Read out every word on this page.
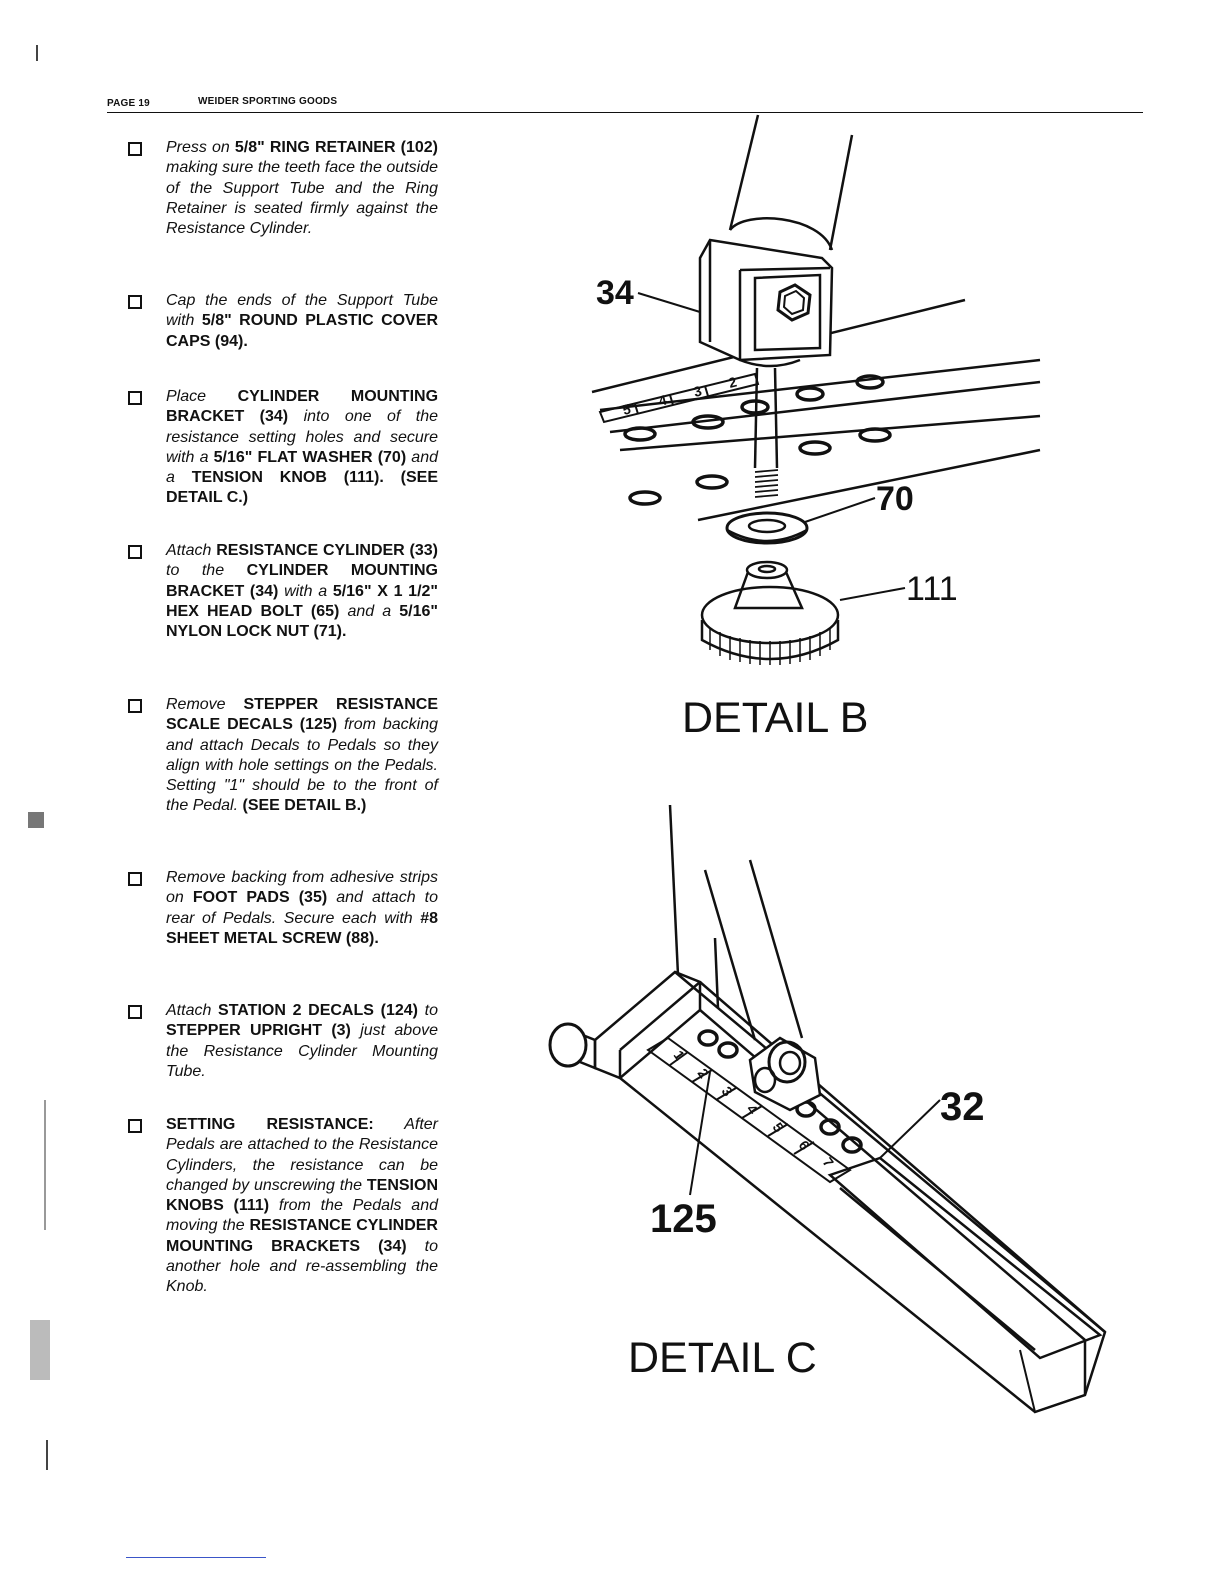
PAGE 19	WEIDER SPORTING GOODS
Press on 5/8" RING RETAINER (102) making sure the teeth face the outside of the Support Tube and the Ring Retainer is seated firmly against the Resistance Cylinder.
Cap the ends of the Support Tube with 5/8" ROUND PLASTIC COVER CAPS (94).
Place CYLINDER MOUNTING BRACKET (34) into one of the resistance setting holes and secure with a 5/16" FLAT WASHER (70) and a TENSION KNOB (111). (SEE DETAIL C.)
Attach RESISTANCE CYLINDER (33) to the CYLINDER MOUNTING BRACKET (34) with a 5/16" X 1 1/2" HEX HEAD BOLT (65) and a 5/16" NYLON LOCK NUT (71).
Remove STEPPER RESISTANCE SCALE DECALS (125) from backing and attach Decals to Pedals so they align with hole settings on the Pedals. Setting "1" should be to the front of the Pedal. (SEE DETAIL B.)
Remove backing from adhesive strips on FOOT PADS (35) and attach to rear of Pedals. Secure each with #8 SHEET METAL SCREW (88).
Attach STATION 2 DECALS (124) to STEPPER UPRIGHT (3) just above the Resistance Cylinder Mounting Tube.
SETTING RESISTANCE: After Pedals are attached to the Resistance Cylinders, the resistance can be changed by unscrewing the TENSION KNOBS (111) from the Pedals and moving the RESISTANCE CYLINDER MOUNTING BRACKETS (34) to another hole and re-assembling the Knob.
5
4
3
2
34
70
111
DETAIL B
1
2
3
4
5
6
7
32
125
DETAIL C
